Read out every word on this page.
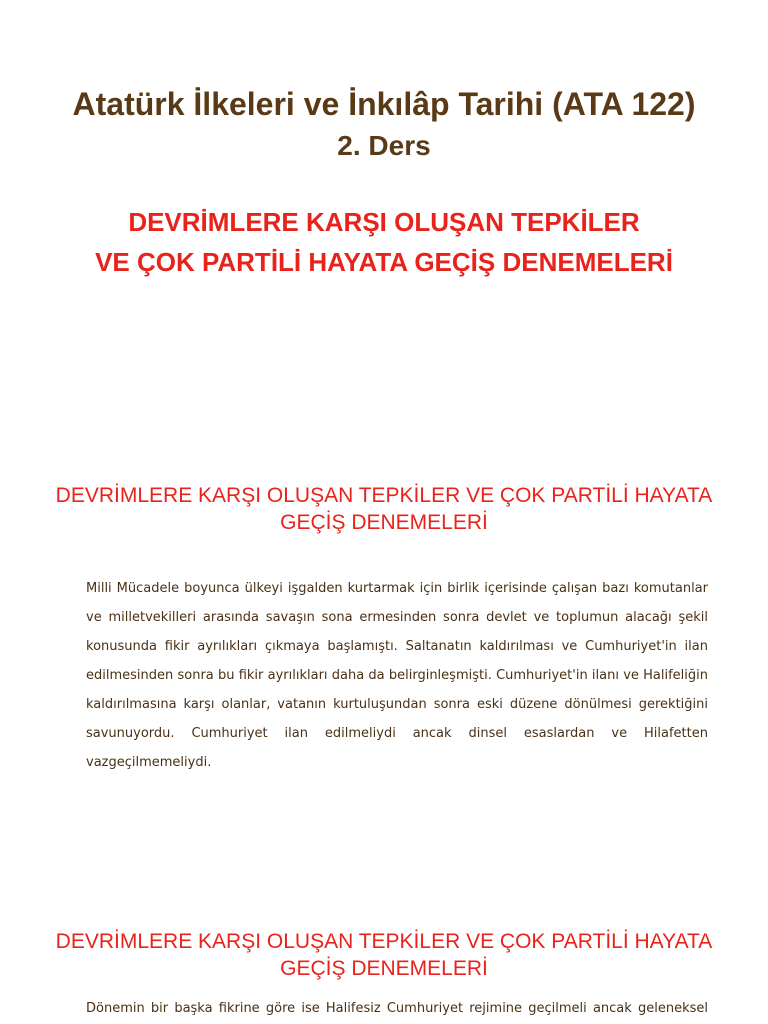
Atatürk İlkeleri ve İnkılâp Tarihi (ATA 122)
2. Ders
DEVRİMLERE KARŞI OLUŞAN TEPKİLER
VE ÇOK PARTİLİ HAYATA GEÇİŞ DENEMELERİ
DEVRİMLERE KARŞI OLUŞAN TEPKİLER VE ÇOK PARTİLİ HAYATA GEÇİŞ DENEMELERİ

Milli Mücadele boyunca ülkeyi işgalden kurtarmak için birlik içerisinde çalışan bazı komutanlar ve milletvekilleri arasında savaşın sona ermesinden sonra devlet ve toplumun alacağı şekil konusunda fikir ayrılıkları çıkmaya başlamıştı. Saltanatın kaldırılması ve Cumhuriyet'in ilan edilmesinden sonra bu fikir ayrılıkları daha da belirginleşmişti. Cumhuriyet'in ilanı ve Halifeliğin kaldırılmasına karşı olanlar, vatanın kurtuluşundan sonra eski düzene dönülmesi gerektiğini savunuyordu. Cumhuriyet ilan edilmeliydi ancak dinsel esaslardan ve Hilafetten vazgeçilmemeliydi.

DEVRİMLERE KARŞI OLUŞAN TEPKİLER VE ÇOK PARTİLİ HAYATA GEÇİŞ DENEMELERİ

Dönemin bir başka fikrine göre ise Halifesiz Cumhuriyet rejimine geçilmeli ancak geleneksel
